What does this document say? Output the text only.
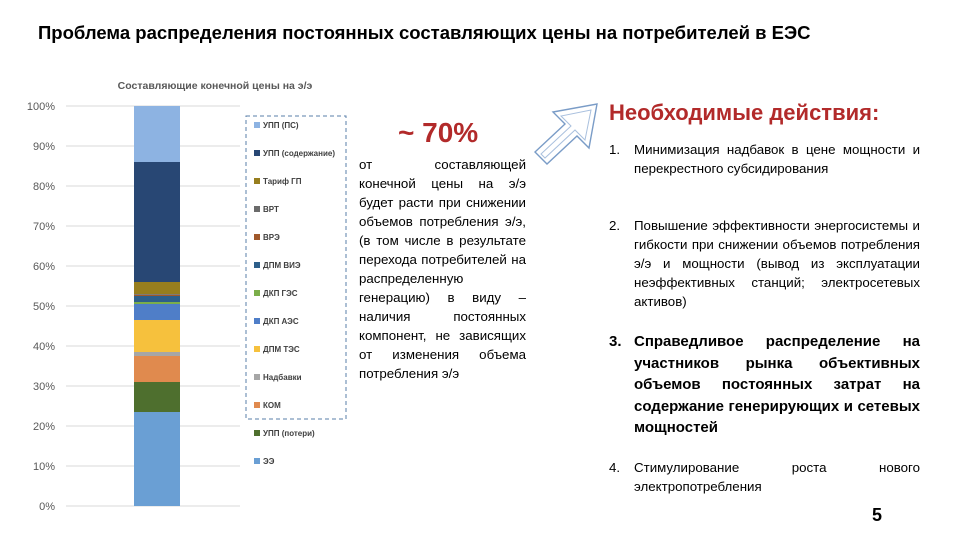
Проблема распределения постоянных составляющих цены на потребителей в ЕЭС
Составляющие конечной цены на э/э
0%
10%
20%
30%
40%
50%
60%
70%
80%
90%
100%
УПП (ПС)
УПП (содержание)
Тариф ГП
ВРТ
ВРЭ
ДПМ ВИЭ
ДКП ГЭС
ДКП АЭС
ДПМ ТЭС
Надбавки
КОМ
УПП (потери)
ЭЭ
~ 70%
от составляющей конечной цены на э/э будет расти при снижении объемов потребления э/э, (в том числе в результате перехода потребителей на распределенную генерацию) в виду – наличия постоянных компонент, не зависящих от изменения объема потребления э/э
Необходимые действия:
1. Минимизация надбавок в цене мощности и перекрестного субсидирования
2. Повышение эффективности энергосистемы и гибкости при снижении объемов потребления э/э и мощности (вывод из эксплуатации неэффективных станций; электросетевых активов)
3. Справедливое распределение на участников рынка объективных объемов постоянных затрат на содержание генерирующих и сетевых мощностей
4. Стимулирование роста нового электропотребления
5
